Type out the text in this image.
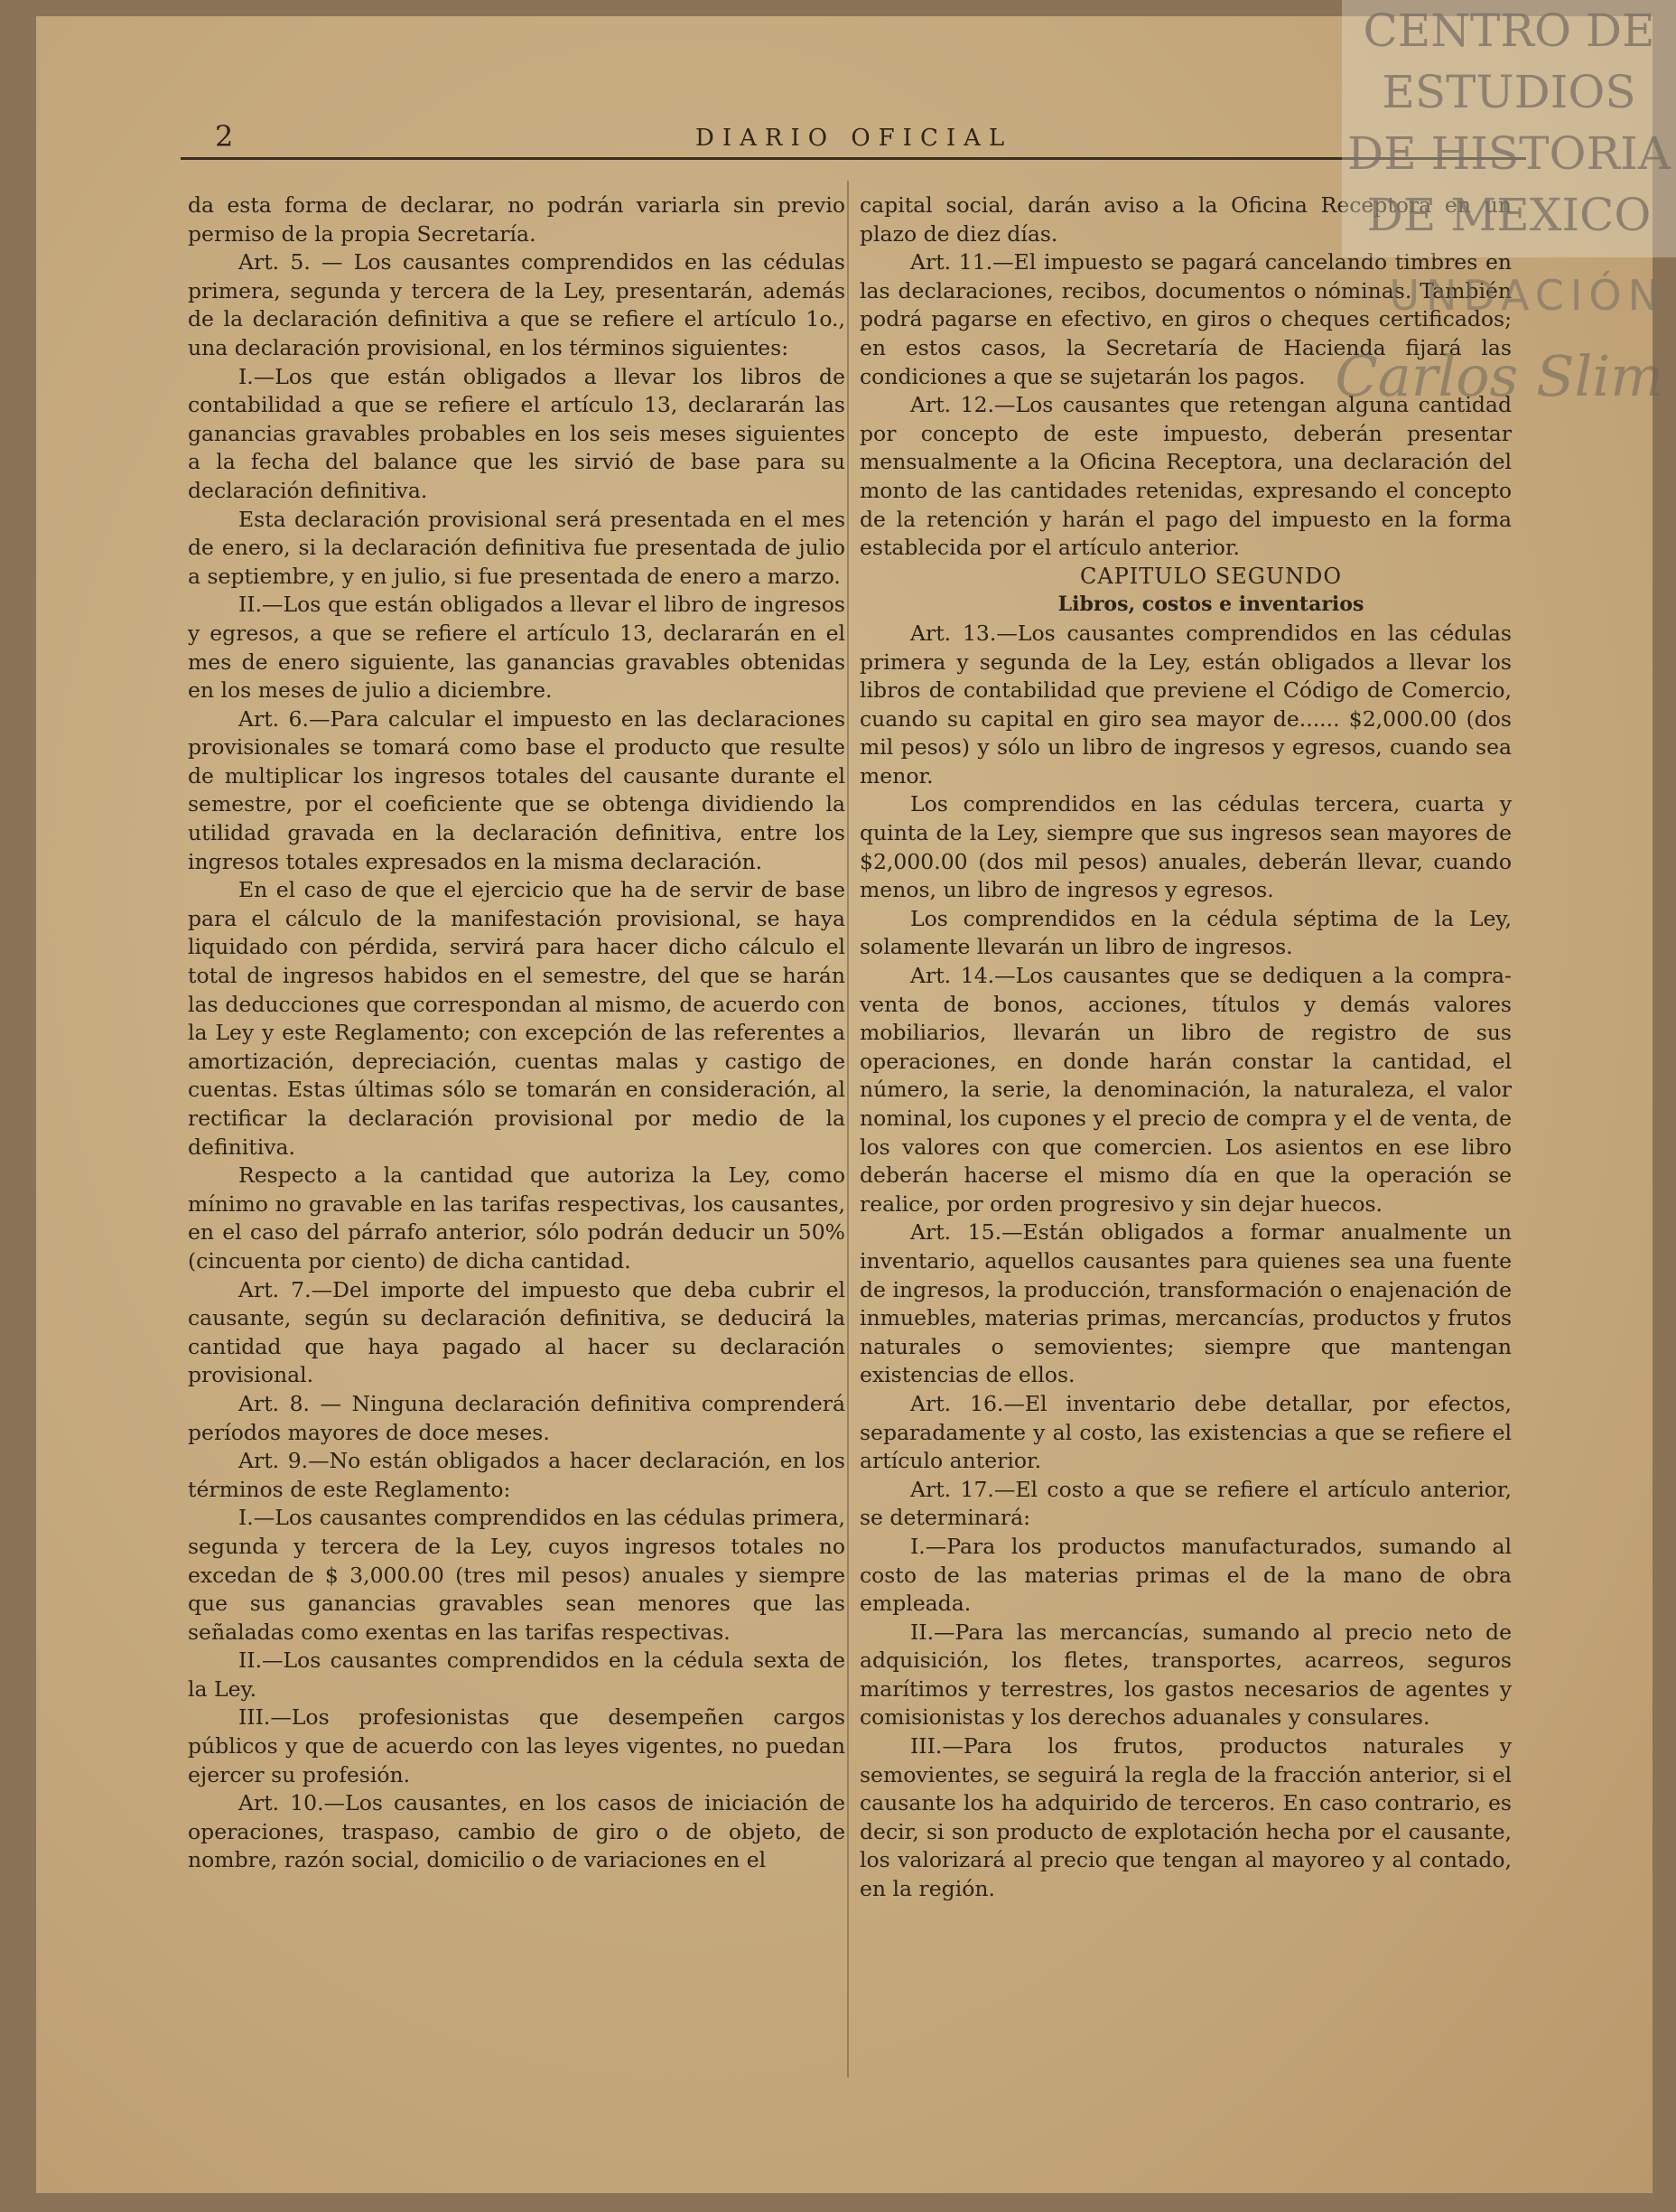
2	DIARIO OFICIAL

da esta forma de declarar, no podrán variarla sin previo permiso de la propia Secretaría.

Art. 5. — Los causantes comprendidos en las cédulas primera, segunda y tercera de la Ley, presentarán, además de la declaración definitiva a que se refiere el artículo 1o., una declaración provisional, en los términos siguientes:

I.—Los que están obligados a llevar los libros de contabilidad a que se refiere el artículo 13, declararán las ganancias gravables probables en los seis meses siguientes a la fecha del balance que les sirvió de base para su declaración definitiva.

Esta declaración provisional será presentada en el mes de enero, si la declaración definitiva fue presentada de julio a septiembre, y en julio, si fue presentada de enero a marzo.

II.—Los que están obligados a llevar el libro de ingresos y egresos, a que se refiere el artículo 13, declararán en el mes de enero siguiente, las ganancias gravables obtenidas en los meses de julio a diciembre.

Art. 6.—Para calcular el impuesto en las declaraciones provisionales se tomará como base el producto que resulte de multiplicar los ingresos totales del causante durante el semestre, por el coeficiente que se obtenga dividiendo la utilidad gravada en la declaración definitiva, entre los ingresos totales expresados en la misma declaración.

En el caso de que el ejercicio que ha de servir de base para el cálculo de la manifestación provisional, se haya liquidado con pérdida, servirá para hacer dicho cálculo el total de ingresos habidos en el semestre, del que se harán las deducciones que correspondan al mismo, de acuerdo con la Ley y este Reglamento; con excepción de las referentes a amortización, depreciación, cuentas malas y castigo de cuentas. Estas últimas sólo se tomarán en consideración, al rectificar la declaración provisional por medio de la definitiva.

Respecto a la cantidad que autoriza la Ley, como mínimo no gravable en las tarifas respectivas, los causantes, en el caso del párrafo anterior, sólo podrán deducir un 50% (cincuenta por ciento) de dicha cantidad.

Art. 7.—Del importe del impuesto que deba cubrir el causante, según su declaración definitiva, se deducirá la cantidad que haya pagado al hacer su declaración provisional.

Art. 8. — Ninguna declaración definitiva comprenderá períodos mayores de doce meses.

Art. 9.—No están obligados a hacer declaración, en los términos de este Reglamento:

I.—Los causantes comprendidos en las cédulas primera, segunda y tercera de la Ley, cuyos ingresos totales no excedan de $ 3,000.00 (tres mil pesos) anuales y siempre que sus ganancias gravables sean menores que las señaladas como exentas en las tarifas respectivas.

II.—Los causantes comprendidos en la cédula sexta de la Ley.

III.—Los profesionistas que desempeñen cargos públicos y que de acuerdo con las leyes vigentes, no puedan ejercer su profesión.

Art. 10.—Los causantes, en los casos de iniciación de operaciones, traspaso, cambio de giro o de objeto, de nombre, razón social, domicilio o de variaciones en el

capital social, darán aviso a la Oficina Receptora en un plazo de diez días.

Art. 11.—El impuesto se pagará cancelando timbres en las declaraciones, recibos, documentos o nóminas. También podrá pagarse en efectivo, en giros o cheques certificados; en estos casos, la Secretaría de Hacienda fijará las condiciones a que se sujetarán los pagos.

Art. 12.—Los causantes que retengan alguna cantidad por concepto de este impuesto, deberán presentar mensualmente a la Oficina Receptora, una declaración del monto de las cantidades retenidas, expresando el concepto de la retención y harán el pago del impuesto en la forma establecida por el artículo anterior.

CAPITULO SEGUNDO

Libros, costos e inventarios

Art. 13.—Los causantes comprendidos en las cédulas primera y segunda de la Ley, están obligados a llevar los libros de contabilidad que previene el Código de Comercio, cuando su capital en giro sea mayor de...... $2,000.00 (dos mil pesos) y sólo un libro de ingresos y egresos, cuando sea menor.

Los comprendidos en las cédulas tercera, cuarta y quinta de la Ley, siempre que sus ingresos sean mayores de $2,000.00 (dos mil pesos) anuales, deberán llevar, cuando menos, un libro de ingresos y egresos.

Los comprendidos en la cédula séptima de la Ley, solamente llevarán un libro de ingresos.

Art. 14.—Los causantes que se dediquen a la compra-venta de bonos, acciones, títulos y demás valores mobiliarios, llevarán un libro de registro de sus operaciones, en donde harán constar la cantidad, el número, la serie, la denominación, la naturaleza, el valor nominal, los cupones y el precio de compra y el de venta, de los valores con que comercien. Los asientos en ese libro deberán hacerse el mismo día en que la operación se realice, por orden progresivo y sin dejar huecos.

Art. 15.—Están obligados a formar anualmente un inventario, aquellos causantes para quienes sea una fuente de ingresos, la producción, transformación o enajenación de inmuebles, materias primas, mercancías, productos y frutos naturales o semovientes; siempre que mantengan existencias de ellos.

Art. 16.—El inventario debe detallar, por efectos, separadamente y al costo, las existencias a que se refiere el artículo anterior.

Art. 17.—El costo a que se refiere el artículo anterior, se determinará:

I.—Para los productos manufacturados, sumando al costo de las materias primas el de la mano de obra empleada.

II.—Para las mercancías, sumando al precio neto de adquisición, los fletes, transportes, acarreos, seguros marítimos y terrestres, los gastos necesarios de agentes y comisionistas y los derechos aduanales y consulares.

III.—Para los frutos, productos naturales y semovientes, se seguirá la regla de la fracción anterior, si el causante los ha adquirido de terceros. En caso contrario, es decir, si son producto de explotación hecha por el causante, los valorizará al precio que tengan al mayoreo y al contado, en la región.

CENTRO DE
ESTUDIOS
DE HISTORIA
DE MEXICO
UNDACIÓN
Carlos Slim
